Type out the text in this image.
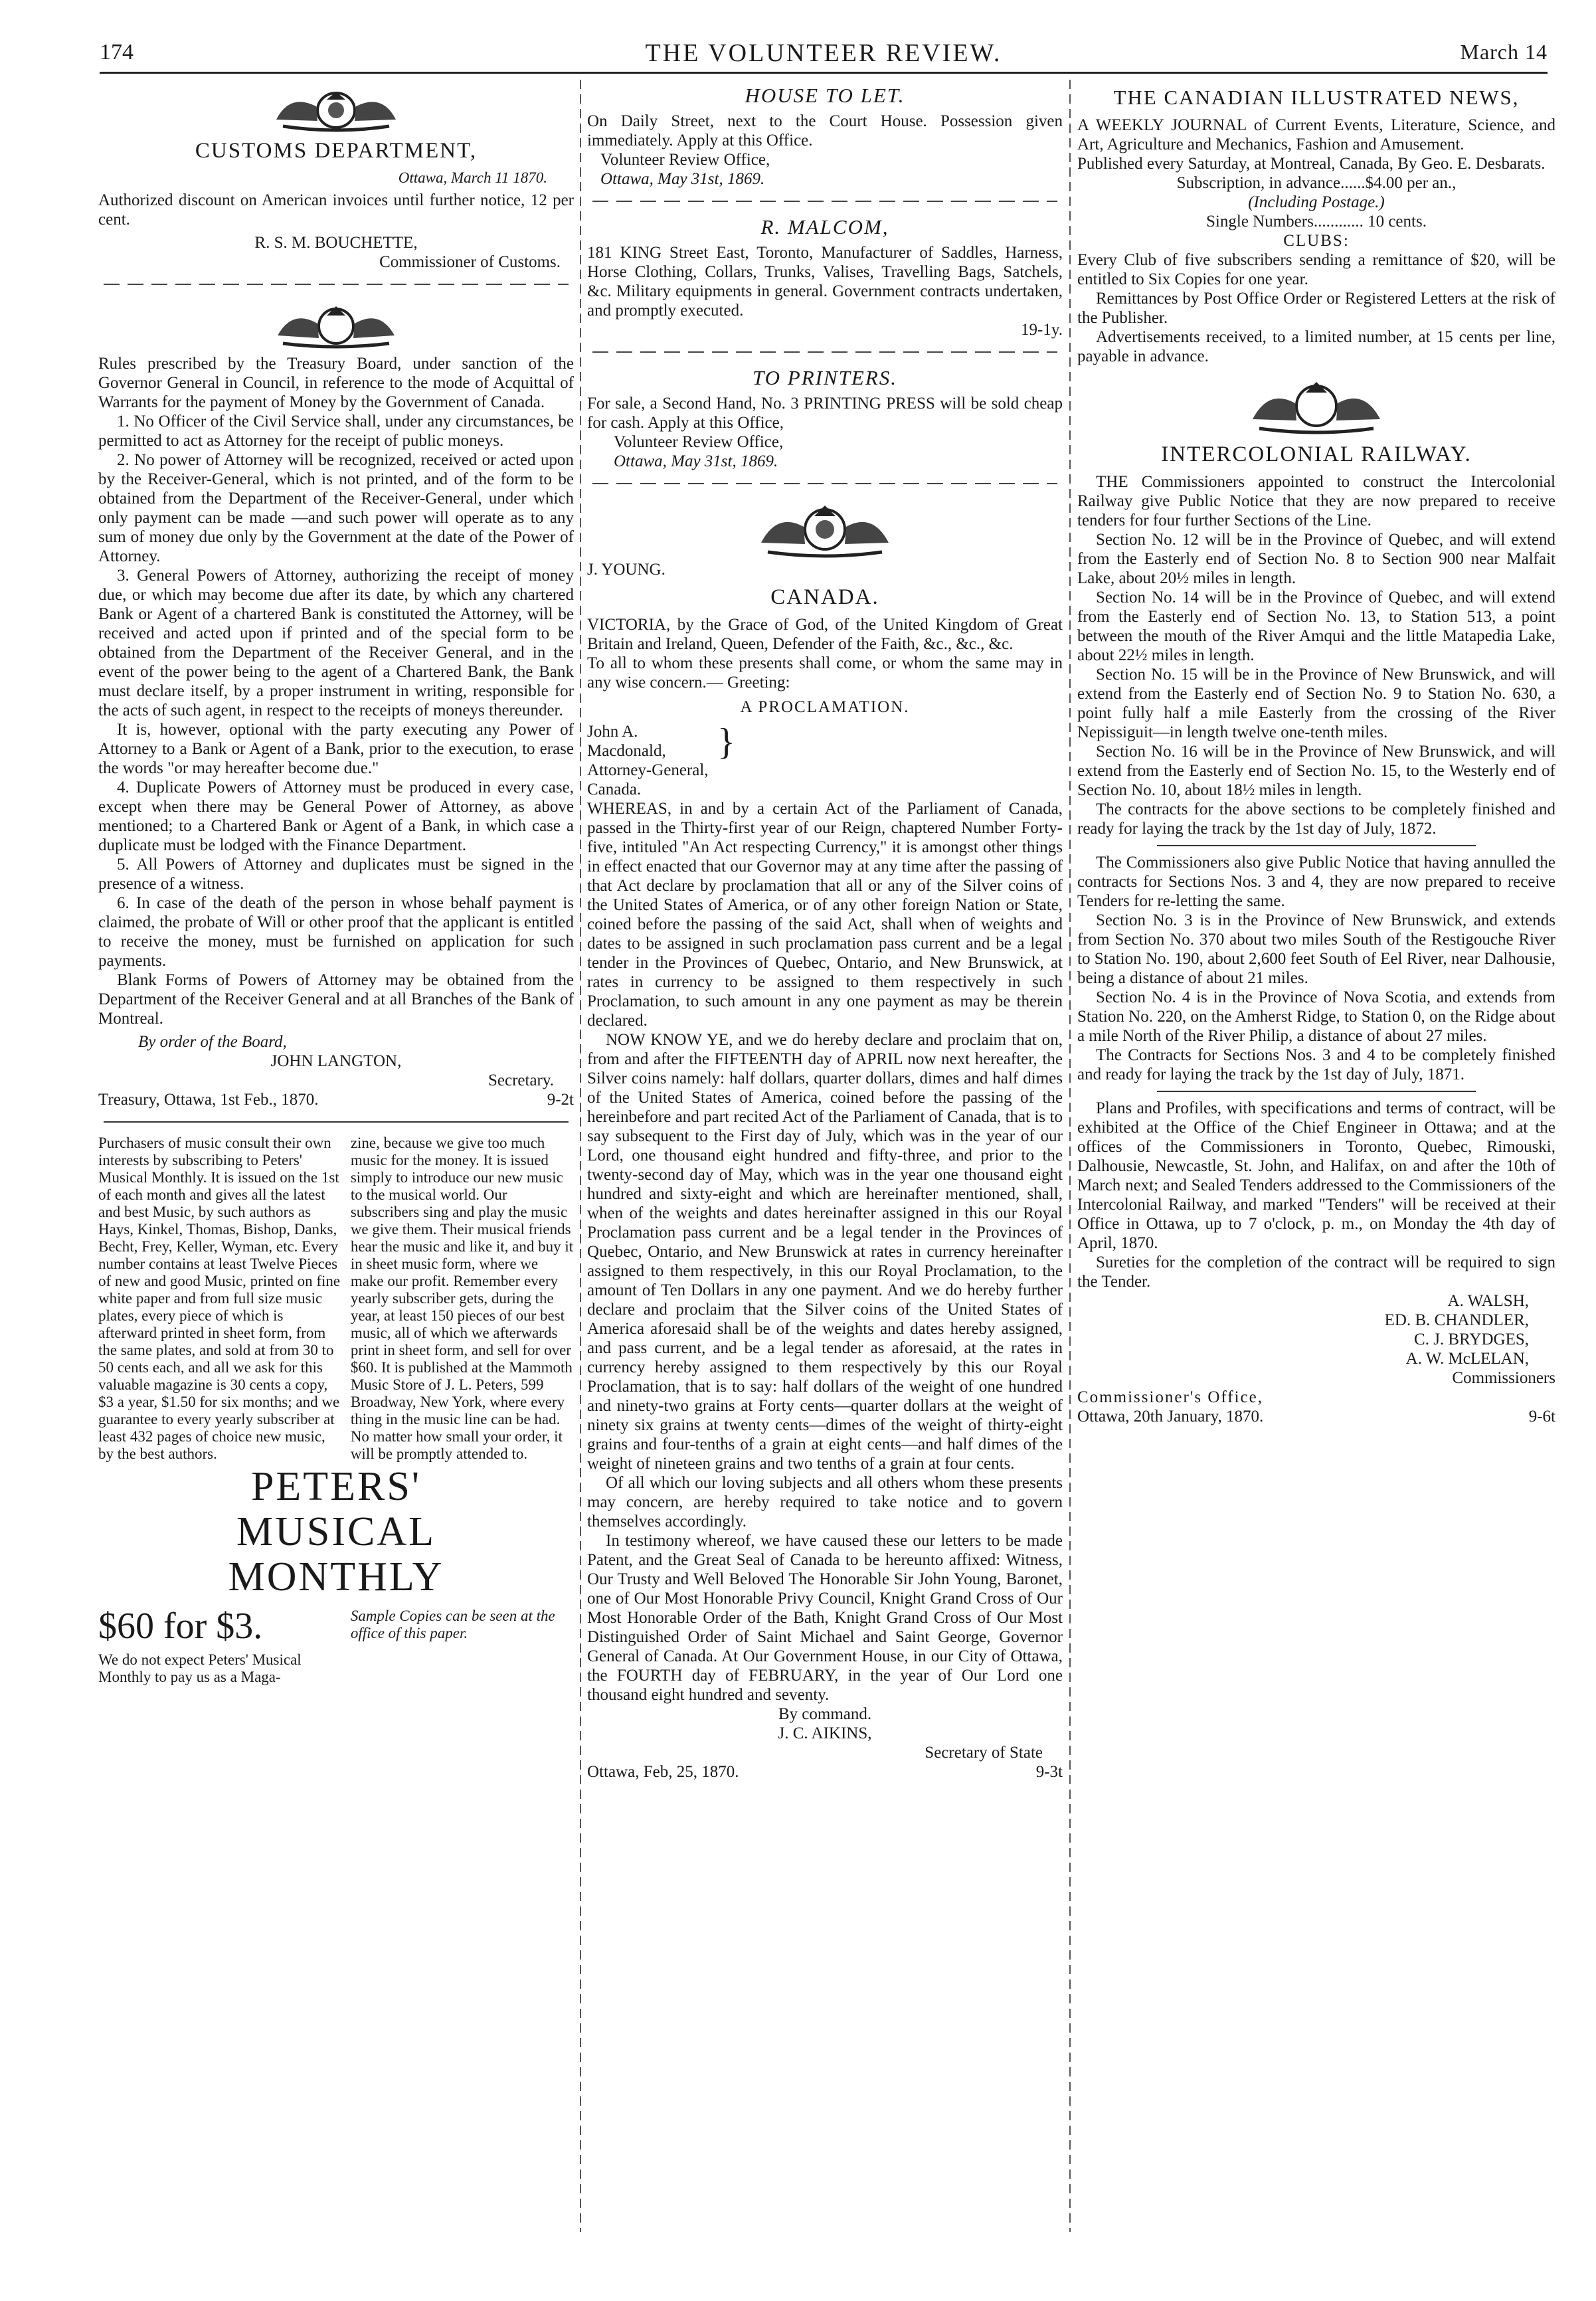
174	THE VOLUNTEER REVIEW.	March 14
CUSTOMS DEPARTMENT,
Ottawa, March 11 1870.

Authorized discount on American invoices until further notice, 12 per cent.

R. S. M. BOUCHETTE,
Commissioner of Customs.

Rules prescribed by the Treasury Board, under sanction of the Governor General in Council, in reference to the mode of Acquittal of Warrants for the payment of Money by the Government of Canada.

1. No Officer of the Civil Service shall, under any circumstances, be permitted to act as Attorney for the receipt of public moneys.

2. No power of Attorney will be recognized, received or acted upon by the Receiver-General, which is not printed, and of the form to be obtained from the Department of the Receiver-General, under which only payment can be made —and such power will operate as to any sum of money due only by the Government at the date of the Power of Attorney.

3. General Powers of Attorney, authorizing the receipt of money due, or which may become due after its date, by which any chartered Bank or Agent of a chartered Bank is constituted the Attorney, will be received and acted upon if printed and of the special form to be obtained from the Department of the Receiver General, and in the event of the power being to the agent of a Chartered Bank, the Bank must declare itself, by a proper instrument in writing, responsible for the acts of such agent, in respect to the receipts of moneys thereunder.

It is, however, optional with the party executing any Power of Attorney to a Bank or Agent of a Bank, prior to the execution, to erase the words "or may hereafter become due."

4. Duplicate Powers of Attorney must be produced in every case, except when there may be General Power of Attorney, as above mentioned; to a Chartered Bank or Agent of a Bank, in which case a duplicate must be lodged with the Finance Department.

5. All Powers of Attorney and duplicates must be signed in the presence of a witness.

6. In case of the death of the person in whose behalf payment is claimed, the probate of Will or other proof that the applicant is entitled to receive the money, must be furnished on application for such payments.

Blank Forms of Powers of Attorney may be obtained from the Department of the Receiver General and at all Branches of the Bank of Montreal.

By order of the Board,
JOHN LANGTON,
Secretary.
Treasury, Ottawa, 1st Feb., 1870.	9-2t
Purchasers of music consult their own interests by subscribing to Peters' Musical Monthly. It is issued on the 1st of each month and gives all the latest and best Music, by such authors as Hays, Kinkel, Thomas, Bishop, Danks, Becht, Frey, Keller, Wyman, etc. Every number contains at least Twelve Pieces of new and good Music, printed on fine white paper and from full size music plates, every piece of which is afterward printed in sheet form, from the same plates, and sold at from 30 to 50 cents each, and all we ask for this valuable magazine is 30 cents a copy, $3 a year, $1.50 for six months; and we guarantee to every yearly subscriber at least 432 pages of choice new music, by the best authors.
zine, because we give too much music for the money. It is issued simply to introduce our new music to the musical world. Our subscribers sing and play the music we give them. Their musical friends hear the music and like it, and buy it in sheet music form, where we make our profit. Remember every yearly subscriber gets, during the year, at least 150 pieces of our best music, all of which we afterwards print in sheet form, and sell for over $60. It is published at the Mammoth Music Store of J. L. Peters, 599 Broadway, New York, where every thing in the music line can be had. No matter how small your order, it will be promptly attended to.
PETERS'
MUSICAL
MONTHLY
$60 for $3.
We do not expect Peters' Musical Monthly to pay us as a Maga-
Sample Copies can be seen at the office of this paper.
HOUSE TO LET.

On Daily Street, next to the Court House. Possession given immediately. Apply at this Office.

Volunteer Review Office,
Ottawa, May 31st, 1869.
R. MALCOM,

181 KING Street East, Toronto, Manufacturer of Saddles, Harness, Horse Clothing, Collars, Trunks, Valises, Travelling Bags, Satchels, &c. Military equipments in general. Government contracts undertaken, and promptly executed.

19-1y.
TO PRINTERS.

For sale, a Second Hand, No. 3 PRINTING PRESS will be sold cheap for cash. Apply at this Office,

Volunteer Review Office,
Ottawa, May 31st, 1869.
J. YOUNG.
CANADA.

VICTORIA, by the Grace of God, of the United Kingdom of Great Britain and Ireland, Queen, Defender of the Faith, &c., &c., &c.

To all to whom these presents shall come, or whom the same may in any wise concern.— Greeting:

A PROCLAMATION.
John A. Macdonald, Attorney-General, Canada.
}

WHEREAS, in and by a certain Act of the Parliament of Canada, passed in the Thirty-first year of our Reign, chaptered Number Forty-five, intituled "An Act respecting Currency," it is amongst other things in effect enacted that our Governor may at any time after the passing of that Act declare by proclamation that all or any of the Silver coins of the United States of America, or of any other foreign Nation or State, coined before the passing of the said Act, shall when of weights and dates to be assigned in such proclamation pass current and be a legal tender in the Provinces of Quebec, Ontario, and New Brunswick, at rates in currency to be assigned to them respectively in such Proclamation, to such amount in any one payment as may be therein declared.

NOW KNOW YE, and we do hereby declare and proclaim that on, from and after the FIFTEENTH day of APRIL now next hereafter, the Silver coins namely: half dollars, quarter dollars, dimes and half dimes of the United States of America, coined before the passing of the hereinbefore and part recited Act of the Parliament of Canada, that is to say subsequent to the First day of July, which was in the year of our Lord, one thousand eight hundred and fifty-three, and prior to the twenty-second day of May, which was in the year one thousand eight hundred and sixty-eight and which are hereinafter mentioned, shall, when of the weights and dates hereinafter assigned in this our Royal Proclamation pass current and be a legal tender in the Provinces of Quebec, Ontario, and New Brunswick at rates in currency hereinafter assigned to them respectively, in this our Royal Proclamation, to the amount of Ten Dollars in any one payment. And we do hereby further declare and proclaim that the Silver coins of the United States of America aforesaid shall be of the weights and dates hereby assigned, and pass current, and be a legal tender as aforesaid, at the rates in currency hereby assigned to them respectively by this our Royal Proclamation, that is to say: half dollars of the weight of one hundred and ninety-two grains at Forty cents—quarter dollars at the weight of ninety six grains at twenty cents—dimes of the weight of thirty-eight grains and four-tenths of a grain at eight cents—and half dimes of the weight of nineteen grains and two tenths of a grain at four cents.

Of all which our loving subjects and all others whom these presents may concern, are hereby required to take notice and to govern themselves accordingly.

In testimony whereof, we have caused these our letters to be made Patent, and the Great Seal of Canada to be hereunto affixed: Witness, Our Trusty and Well Beloved The Honorable Sir John Young, Baronet, one of Our Most Honorable Privy Council, Knight Grand Cross of Our Most Honorable Order of the Bath, Knight Grand Cross of Our Most Distinguished Order of Saint Michael and Saint George, Governor General of Canada. At Our Government House, in our City of Ottawa, the FOURTH day of FEBRUARY, in the year of Our Lord one thousand eight hundred and seventy.

By command.
J. C. AIKINS,
Secretary of State
Ottawa, Feb, 25, 1870.	9-3t
THE CANADIAN ILLUSTRATED NEWS,

A WEEKLY JOURNAL of Current Events, Literature, Science, and Art, Agriculture and Mechanics, Fashion and Amusement.

Published every Saturday, at Montreal, Canada, By Geo. E. Desbarats.

Subscription, in advance......$4.00 per an.,
(Including Postage.)
Single Numbers............ 10 cents.
CLUBS:

Every Club of five subscribers sending a remittance of $20, will be entitled to Six Copies for one year.

Remittances by Post Office Order or Registered Letters at the risk of the Publisher.

Advertisements received, to a limited number, at 15 cents per line, payable in advance.

INTERCOLONIAL RAILWAY.

THE Commissioners appointed to construct the Intercolonial Railway give Public Notice that they are now prepared to receive tenders for four further Sections of the Line.

Section No. 12 will be in the Province of Quebec, and will extend from the Easterly end of Section No. 8 to Section 900 near Malfait Lake, about 20½ miles in length.

Section No. 14 will be in the Province of Quebec, and will extend from the Easterly end of Section No. 13, to Station 513, a point between the mouth of the River Amqui and the little Matapedia Lake, about 22½ miles in length.

Section No. 15 will be in the Province of New Brunswick, and will extend from the Easterly end of Section No. 9 to Station No. 630, a point fully half a mile Easterly from the crossing of the River Nepissiguit—in length twelve one-tenth miles.

Section No. 16 will be in the Province of New Brunswick, and will extend from the Easterly end of Section No. 15, to the Westerly end of Section No. 10, about 18½ miles in length.

The contracts for the above sections to be completely finished and ready for laying the track by the 1st day of July, 1872.

The Commissioners also give Public Notice that having annulled the contracts for Sections Nos. 3 and 4, they are now prepared to receive Tenders for re-letting the same.

Section No. 3 is in the Province of New Brunswick, and extends from Section No. 370 about two miles South of the Restigouche River to Station No. 190, about 2,600 feet South of Eel River, near Dalhousie, being a distance of about 21 miles.

Section No. 4 is in the Province of Nova Scotia, and extends from Station No. 220, on the Amherst Ridge, to Station 0, on the Ridge about a mile North of the River Philip, a distance of about 27 miles.

The Contracts for Sections Nos. 3 and 4 to be completely finished and ready for laying the track by the 1st day of July, 1871.

Plans and Profiles, with specifications and terms of contract, will be exhibited at the Office of the Chief Engineer in Ottawa; and at the offices of the Commissioners in Toronto, Quebec, Rimouski, Dalhousie, Newcastle, St. John, and Halifax, on and after the 10th of March next; and Sealed Tenders addressed to the Commissioners of the Intercolonial Railway, and marked "Tenders" will be received at their Office in Ottawa, up to 7 o'clock, p. m., on Monday the 4th day of April, 1870.

Sureties for the completion of the contract will be required to sign the Tender.

A. WALSH,
ED. B. CHANDLER,
C. J. BRYDGES,
A. W. McLELAN,
Commissioners
Commissioner's Office,
Ottawa, 20th January, 1870.	9-6t
